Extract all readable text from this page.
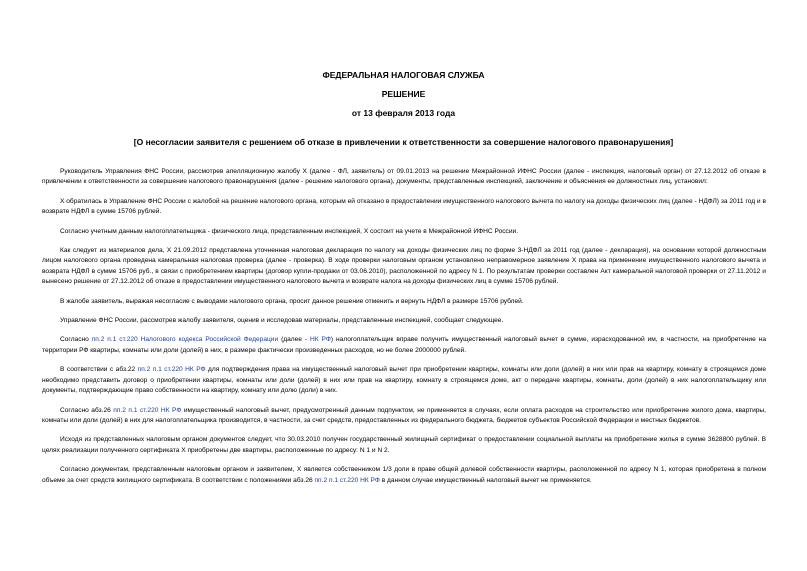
ФЕДЕРАЛЬНАЯ НАЛОГОВАЯ СЛУЖБА
РЕШЕНИЕ
от 13 февраля 2013 года
[О несогласии заявителя с решением об отказе в привлечении к ответственности за совершение налогового правонарушения]

Руководитель Управления ФНС России, рассмотрев апелляционную жалобу Х (далее - ФЛ, заявитель) от 09.01.2013 на решение Межрайонной ИФНС России (далее - инспекция, налоговый орган) от 27.12.2012 об отказе в привлечении к ответственности за совершение налогового правонарушения (далее - решение налогового органа), документы, представленные инспекцией, заключение и объяснения ее должностных лиц, установил:

Х обратилась в Управление ФНС России с жалобой на решение налогового органа, которым ей отказано в предоставлении имущественного налогового вычета по налогу на доходы физических лиц (далее - НДФЛ) за 2011 год и в возврате НДФЛ в сумме 15706 рублей.

Согласно учетным данным налогоплательщика - физического лица, представленным инспекцией, Х состоит на учете в Межрайонной ИФНС России.

Как следует из материалов дела, Х 21.09.2012 представлена уточненная налоговая декларация по налогу на доходы физических лиц по форме 3-НДФЛ за 2011 год (далее - декларация), на основании которой должностным лицом налогового органа проведена камеральная налоговая проверка (далее - проверка). В ходе проверки налоговым органом установлено неправомерное заявление Х права на применение имущественного налогового вычета и возврата НДФЛ в сумме 15706 руб., в связи с приобретением квартиры (договор купли-продажи от 03.06.2010), расположенной по адресу N 1. По результатам проверки составлен Акт камеральной налоговой проверки от 27.11.2012 и вынесено решение от 27.12.2012 об отказе в предоставлении имущественного налогового вычета и возврате налога на доходы физических лиц в сумме 15706 рублей.

В жалобе заявитель, выражая несогласие с выводами налогового органа, просит данное решение отменить и вернуть НДФЛ в размере 15706 рублей.

Управление ФНС России, рассмотрев жалобу заявителя, оценив и исследовав материалы, представленные инспекцией, сообщает следующее.

Согласно пп.2 п.1 ст.220 Налогового кодекса Российской Федерации (далее - НК РФ) налогоплательщик вправе получить имущественный налоговый вычет в сумме, израсходованной им, в частности, на приобретение на территории РФ квартиры, комнаты или доли (долей) в них, в размере фактически произведенных расходов, но не более 2000000 рублей.

В соответствии с абз.22 пп.2 п.1 ст.220 НК РФ для подтверждения права на имущественный налоговый вычет при приобретении квартиры, комнаты или доли (долей) в них или прав на квартиру, комнату в строящемся доме необходимо представить договор о приобретении квартиры, комнаты или доли (долей) в них или прав на квартиру, комнату в строящемся доме, акт о передаче квартиры, комнаты, доли (долей) в них налогоплательщику или документы, подтверждающие право собственности на квартиру, комнату или долю (доли) в них.

Согласно абз.26 пп.2 п.1 ст.220 НК РФ имущественный налоговый вычет, предусмотренный данным подпунктом, не применяется в случаях, если оплата расходов на строительство или приобретение жилого дома, квартиры, комнаты или доли (долей) в них для налогоплательщика производится, в частности, за счет средств, предоставленных из федерального бюджета, бюджетов субъектов Российской Федерации и местных бюджетов.

Исходя из представленных налоговым органом документов следует, что 30.03.2010 получен государственный жилищный сертификат о предоставлении социальной выплаты на приобретение жилья в сумме 3628800 рублей. В целях реализации полученного сертификата Х приобретены две квартиры, расположенные по адресу: N 1 и N 2.

Согласно документам, представленным налоговым органом и заявителем, Х является собственником 1/3 доли в праве общей долевой собственности квартиры, расположенной по адресу N 1, которая приобретена в полном объеме за счет средств жилищного сертификата. В соответствии с положениями абз.26 пп.2 п.1 ст.220 НК РФ в данном случае имущественный налоговый вычет не применяется.
